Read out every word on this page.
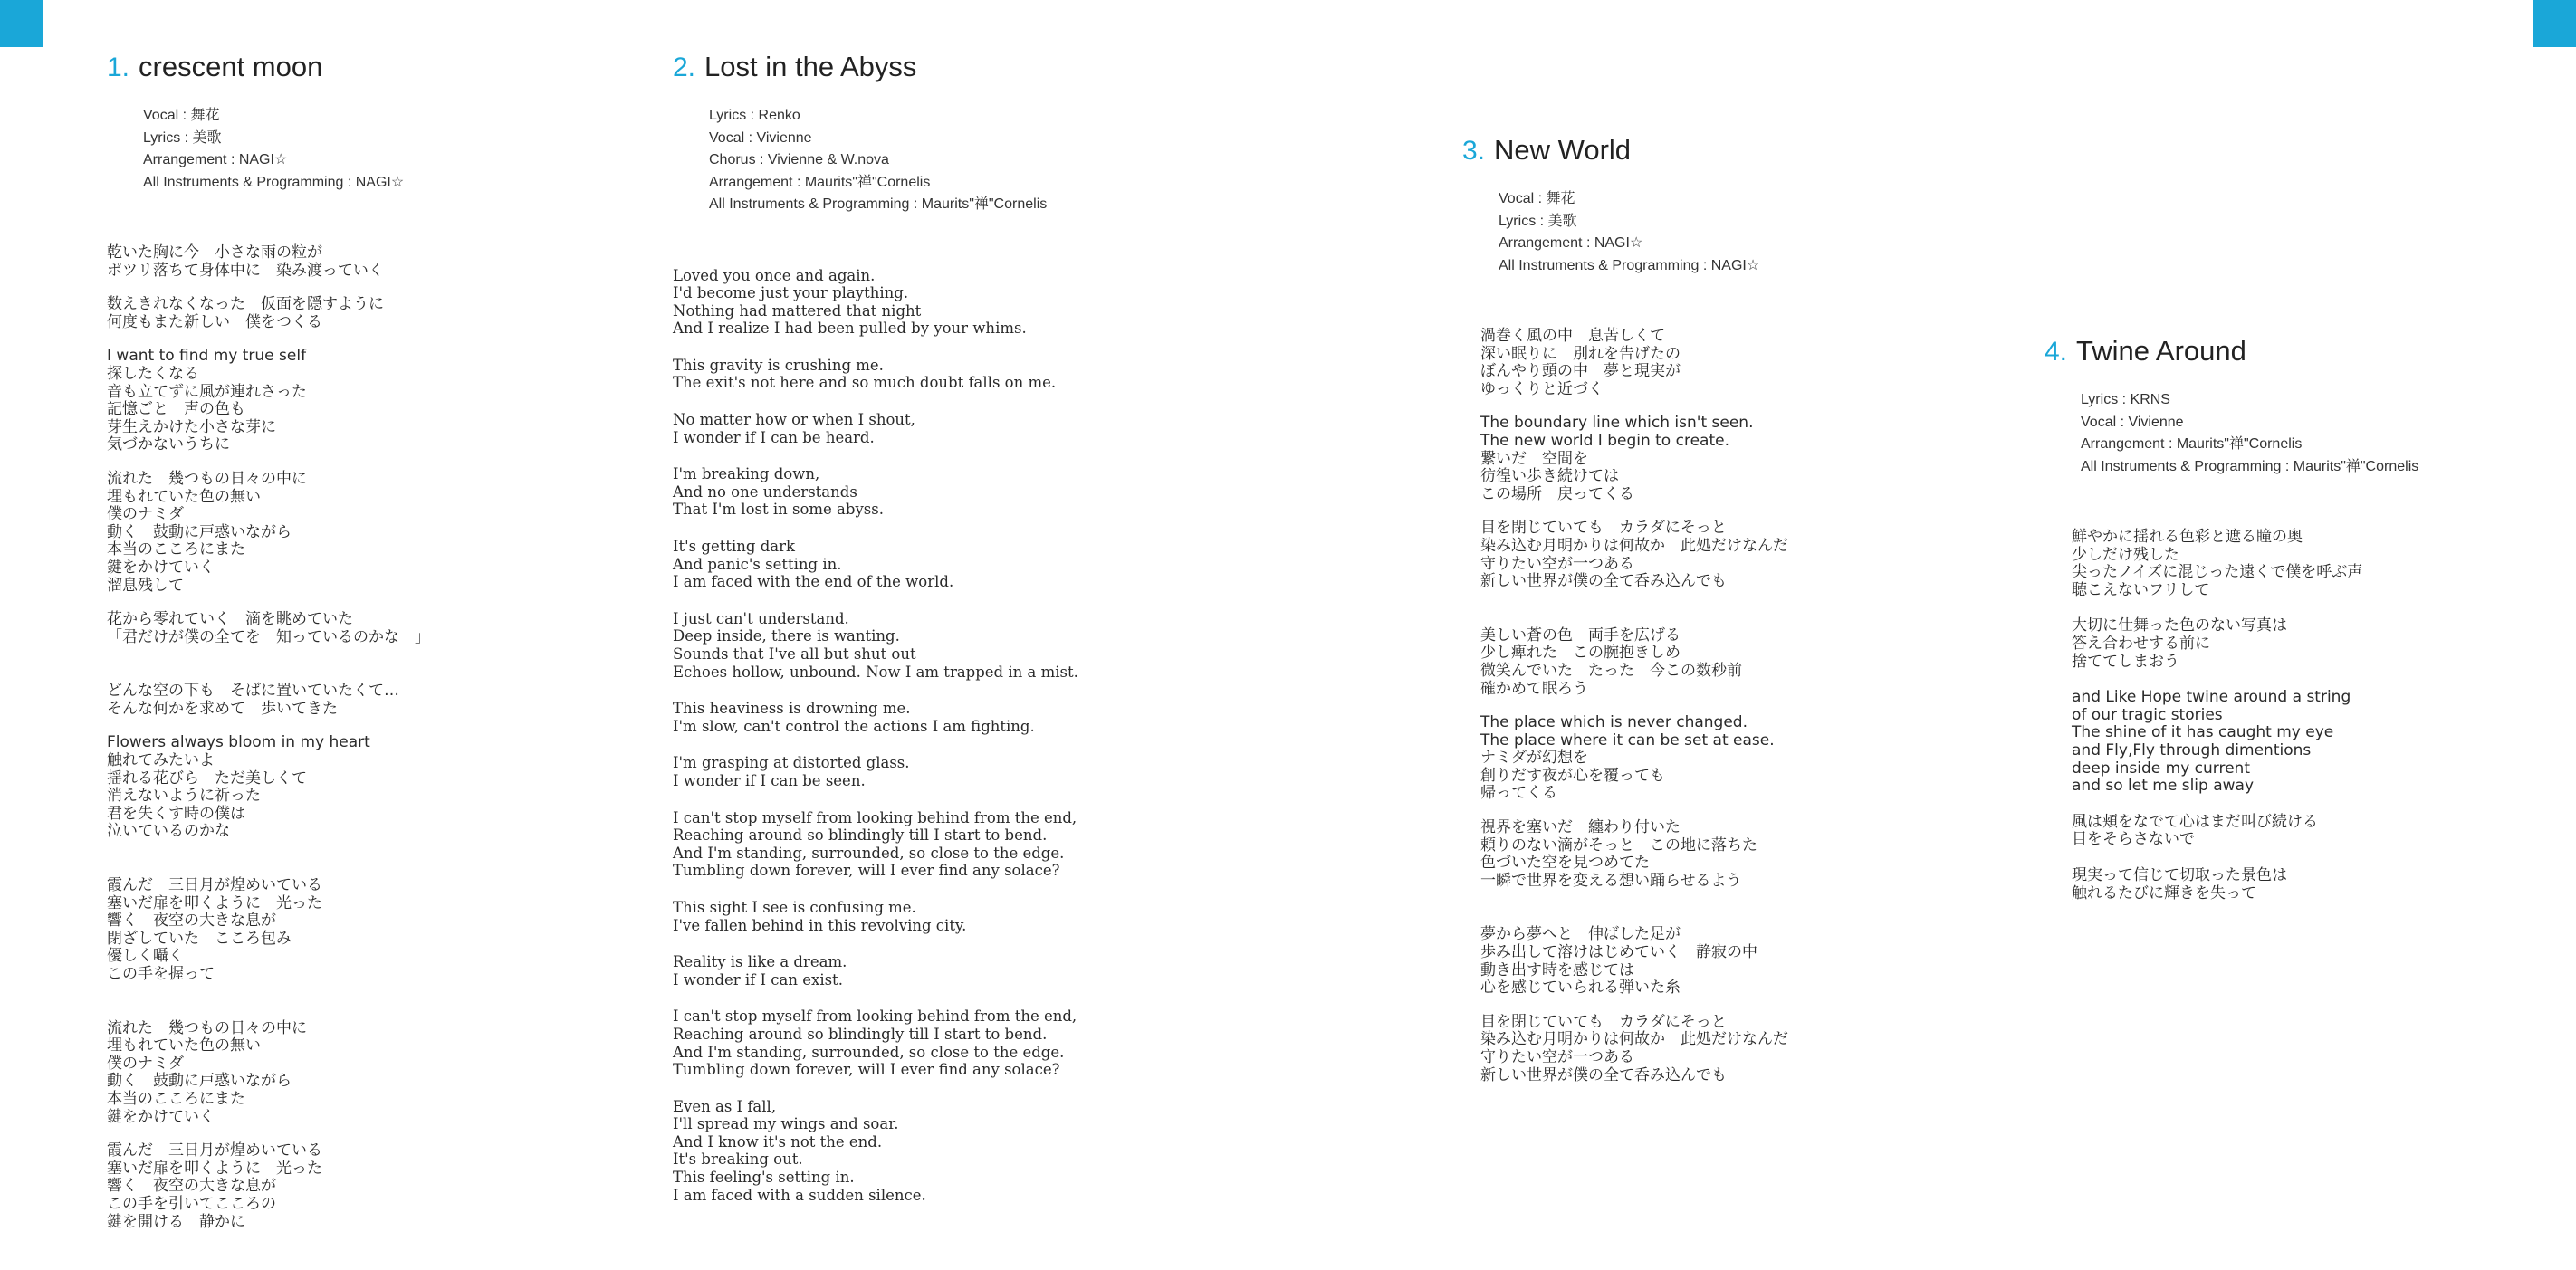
1. crescent moon
Vocal : 舞花
Lyrics : 美歌
Arrangement : NAGI☆
All Instruments & Programming : NAGI☆

乾いた胸に今　小さな雨の粒が

ポツリ落ちて身体中に　染み渡っていく

数えきれなくなった　仮面を隠すように

何度もまた新しい　僕をつくる

I want to find my true self

探したくなる

音も立てずに風が連れさった

記憶ごと　声の色も

芽生えかけた小さな芽に

気づかないうちに

流れた　幾つもの日々の中に

埋もれていた色の無い

僕のナミダ

動く　鼓動に戸惑いながら

本当のこころにまた

鍵をかけていく

溜息残して

花から零れていく　滴を眺めていた

「君だけが僕の全てを　知っているのかな　」

どんな空の下も　そばに置いていたくて…

そんな何かを求めて　歩いてきた

Flowers always bloom in my heart

触れてみたいよ

揺れる花びら　ただ美しくて

消えないように祈った

君を失くす時の僕は

泣いているのかな

霞んだ　三日月が煌めいている

塞いだ扉を叩くように　光った

響く　夜空の大きな息が

閉ざしていた　こころ包み

優しく囁く

この手を握って

流れた　幾つもの日々の中に

埋もれていた色の無い

僕のナミダ

動く　鼓動に戸惑いながら

本当のこころにまた

鍵をかけていく

霞んだ　三日月が煌めいている

塞いだ扉を叩くように　光った

響く　夜空の大きな息が

この手を引いてこころの

鍵を開ける　静かに

2. Lost in the Abyss
Lyrics : Renko
Vocal : Vivienne
Chorus : Vivienne & W.nova
Arrangement : Maurits"禅"Cornelis
All Instruments & Programming : Maurits"禅"Cornelis

Loved you once and again.

I'd become just your plaything.

Nothing had mattered that night

And I realize I had been pulled by your whims.

This gravity is crushing me.

The exit's not here and so much doubt falls on me.

No matter how or when I shout,

I wonder if I can be heard.

I'm breaking down,

And no one understands

That I'm lost in some abyss.

It's getting dark

And panic's setting in.

I am faced with the end of the world.

I just can't understand.

Deep inside, there is wanting.

Sounds that I've all but shut out

Echoes hollow, unbound. Now I am trapped in a mist.

This heaviness is drowning me.

I'm slow, can't control the actions I am fighting.

I'm grasping at distorted glass.

I wonder if I can be seen.

I can't stop myself from looking behind from the end,

Reaching around so blindingly till I start to bend.

And I'm standing, surrounded, so close to the edge.

Tumbling down forever, will I ever find any solace?

This sight I see is confusing me.

I've fallen behind in this revolving city.

Reality is like a dream.

I wonder if I can exist.

I can't stop myself from looking behind from the end,

Reaching around so blindingly till I start to bend.

And I'm standing, surrounded, so close to the edge.

Tumbling down forever, will I ever find any solace?

Even as I fall,

I'll spread my wings and soar.

And I know it's not the end.

It's breaking out.

This feeling's setting in.

I am faced with a sudden silence.

3. New World
Vocal : 舞花
Lyrics : 美歌
Arrangement : NAGI☆
All Instruments & Programming : NAGI☆

渦巻く風の中　息苦しくて

深い眠りに　別れを告げたの

ぼんやり頭の中　夢と現実が

ゆっくりと近づく

The boundary line which isn't seen.

The new world I begin to create.

繋いだ　空間を

彷徨い歩き続けては

この場所　戻ってくる

目を閉じていても　カラダにそっと

染み込む月明かりは何故か　此処だけなんだ

守りたい空が一つある

新しい世界が僕の全て呑み込んでも

美しい蒼の色　両手を広げる

少し痺れた　この腕抱きしめ

微笑んでいた　たった　今この数秒前

確かめて眠ろう

The place which is never changed.

The place where it can be set at ease.

ナミダが幻想を

創りだす夜が心を覆っても

帰ってくる

視界を塞いだ　纏わり付いた

頼りのない滴がそっと　この地に落ちた

色づいた空を見つめてた

一瞬で世界を変える想い踊らせるよう

夢から夢へと　伸ばした足が

歩み出して溶けはじめていく　静寂の中

動き出す時を感じては

心を感じていられる弾いた糸

目を閉じていても　カラダにそっと

染み込む月明かりは何故か　此処だけなんだ

守りたい空が一つある

新しい世界が僕の全て呑み込んでも

4. Twine Around
Lyrics : KRNS
Vocal : Vivienne
Arrangement : Maurits"禅"Cornelis
All Instruments & Programming : Maurits"禅"Cornelis

鮮やかに揺れる色彩と遮る瞳の奥

少しだけ残した

尖ったノイズに混じった遠くで僕を呼ぶ声

聴こえないフリして

大切に仕舞った色のない写真は

答え合わせする前に

捨ててしまおう

and Like Hope twine around a string

of our tragic stories

The shine of it has caught my eye

and Fly,Fly through dimentions

deep inside my current

and so let me slip away

風は頬をなでて心はまだ叫び続ける

目をそらさないで

現実って信じて切取った景色は

触れるたびに輝きを失って
